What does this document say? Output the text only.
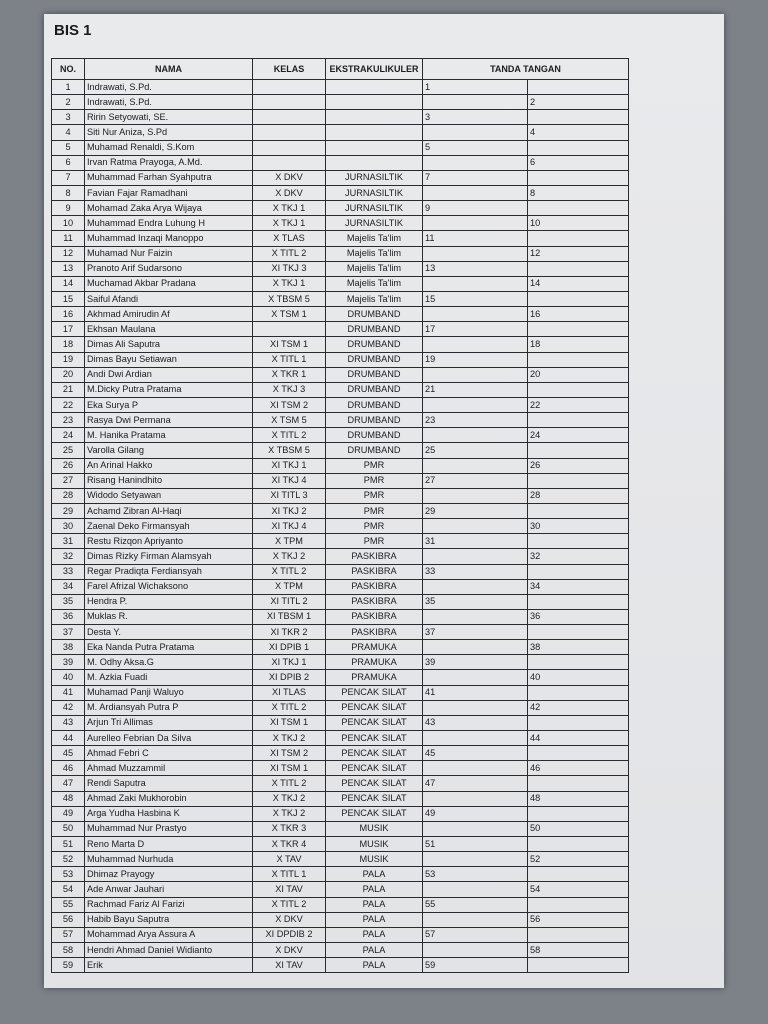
BIS 1
NO.	NAMA	KELAS	EKSTRAKULIKULER	TANDA TANGAN	
1	Indrawati, S.Pd.			1	
2	Indrawati, S.Pd.				2
3	Ririn Setyowati, SE.			3	
4	Siti Nur Aniza, S.Pd				4
5	Muhamad Renaldi, S.Kom			5	
6	Irvan Ratma Prayoga, A.Md.				6
7	Muhammad Farhan Syahputra	X DKV	JURNASILTIK	7	
8	Favian Fajar Ramadhani	X DKV	JURNASILTIK		8
9	Mohamad Zaka Arya Wijaya	X TKJ 1	JURNASILTIK	9	
10	Muhammad Endra Luhung H	X TKJ 1	JURNASILTIK		10
11	Muhammad Inzaqi Manoppo	X TLAS	Majelis Ta'lim	11	
12	Muhamad Nur Faizin	X TITL 2	Majelis Ta'lim		12
13	Pranoto Arif Sudarsono	XI TKJ 3	Majelis Ta'lim	13	
14	Muchamad Akbar Pradana	X TKJ 1	Majelis Ta'lim		14
15	Saiful Afandi	X TBSM 5	Majelis Ta'lim	15	
16	Akhmad Amirudin Af	X TSM 1	DRUMBAND		16
17	Ekhsan Maulana		DRUMBAND	17	
18	Dimas Ali Saputra	XI TSM 1	DRUMBAND		18
19	Dimas Bayu Setiawan	X TITL 1	DRUMBAND	19	
20	Andi Dwi Ardian	X TKR 1	DRUMBAND		20
21	M.Dicky Putra Pratama	X TKJ 3	DRUMBAND	21	
22	Eka Surya P	XI TSM 2	DRUMBAND		22
23	Rasya Dwi Permana	X TSM 5	DRUMBAND	23	
24	M. Hanika Pratama	X TITL 2	DRUMBAND		24
25	Varolla Gilang	X TBSM 5	DRUMBAND	25	
26	An Arinal Hakko	XI TKJ 1	PMR		26
27	Risang Hanindhito	XI TKJ 4	PMR	27	
28	Widodo Setyawan	XI TITL 3	PMR		28
29	Achamd Zibran Al-Haqi	XI TKJ 2	PMR	29	
30	Zaenal Deko Firmansyah	XI TKJ 4	PMR		30
31	Restu Rizqon Apriyanto	X TPM	PMR	31	
32	Dimas Rizky Firman Alamsyah	X TKJ 2	PASKIBRA		32
33	Regar Pradiqta Ferdiansyah	X TITL 2	PASKIBRA	33	
34	Farel Afrizal Wichaksono	X TPM	PASKIBRA		34
35	Hendra P.	XI TITL 2	PASKIBRA	35	
36	Muklas R.	XI TBSM 1	PASKIBRA		36
37	Desta Y.	XI TKR 2	PASKIBRA	37	
38	Eka Nanda Putra Pratama	XI DPIB 1	PRAMUKA		38
39	M. Odhy Aksa.G	XI TKJ 1	PRAMUKA	39	
40	M. Azkia Fuadi	XI DPIB 2	PRAMUKA		40
41	Muhamad Panji Waluyo	XI TLAS	PENCAK SILAT	41	
42	M. Ardiansyah Putra P	X TITL 2	PENCAK SILAT		42
43	Arjun Tri Allimas	XI TSM 1	PENCAK SILAT	43	
44	Aurelleo Febrian Da Silva	X TKJ 2	PENCAK SILAT		44
45	Ahmad Febri C	XI TSM 2	PENCAK SILAT	45	
46	Ahmad Muzzammil	XI TSM 1	PENCAK SILAT		46
47	Rendi Saputra	X TITL 2	PENCAK SILAT	47	
48	Ahmad Zaki Mukhorobin	X TKJ 2	PENCAK SILAT		48
49	Arga Yudha Hasbina K	X TKJ 2	PENCAK SILAT	49	
50	Muhammad Nur Prastyo	X TKR 3	MUSIK		50
51	Reno Marta D	X TKR 4	MUSIK	51	
52	Muhammad Nurhuda	X TAV	MUSIK		52
53	Dhimaz Prayogy	X TITL 1	PALA	53	
54	Ade Anwar Jauhari	XI TAV	PALA		54
55	Rachmad Fariz Al Farizi	X TITL 2	PALA	55	
56	Habib Bayu Saputra	X DKV	PALA		56
57	Mohammad Arya Assura A	XI DPDIB 2	PALA	57	
58	Hendri Ahmad Daniel Widianto	X DKV	PALA		58
59	Erik	XI TAV	PALA	59	
